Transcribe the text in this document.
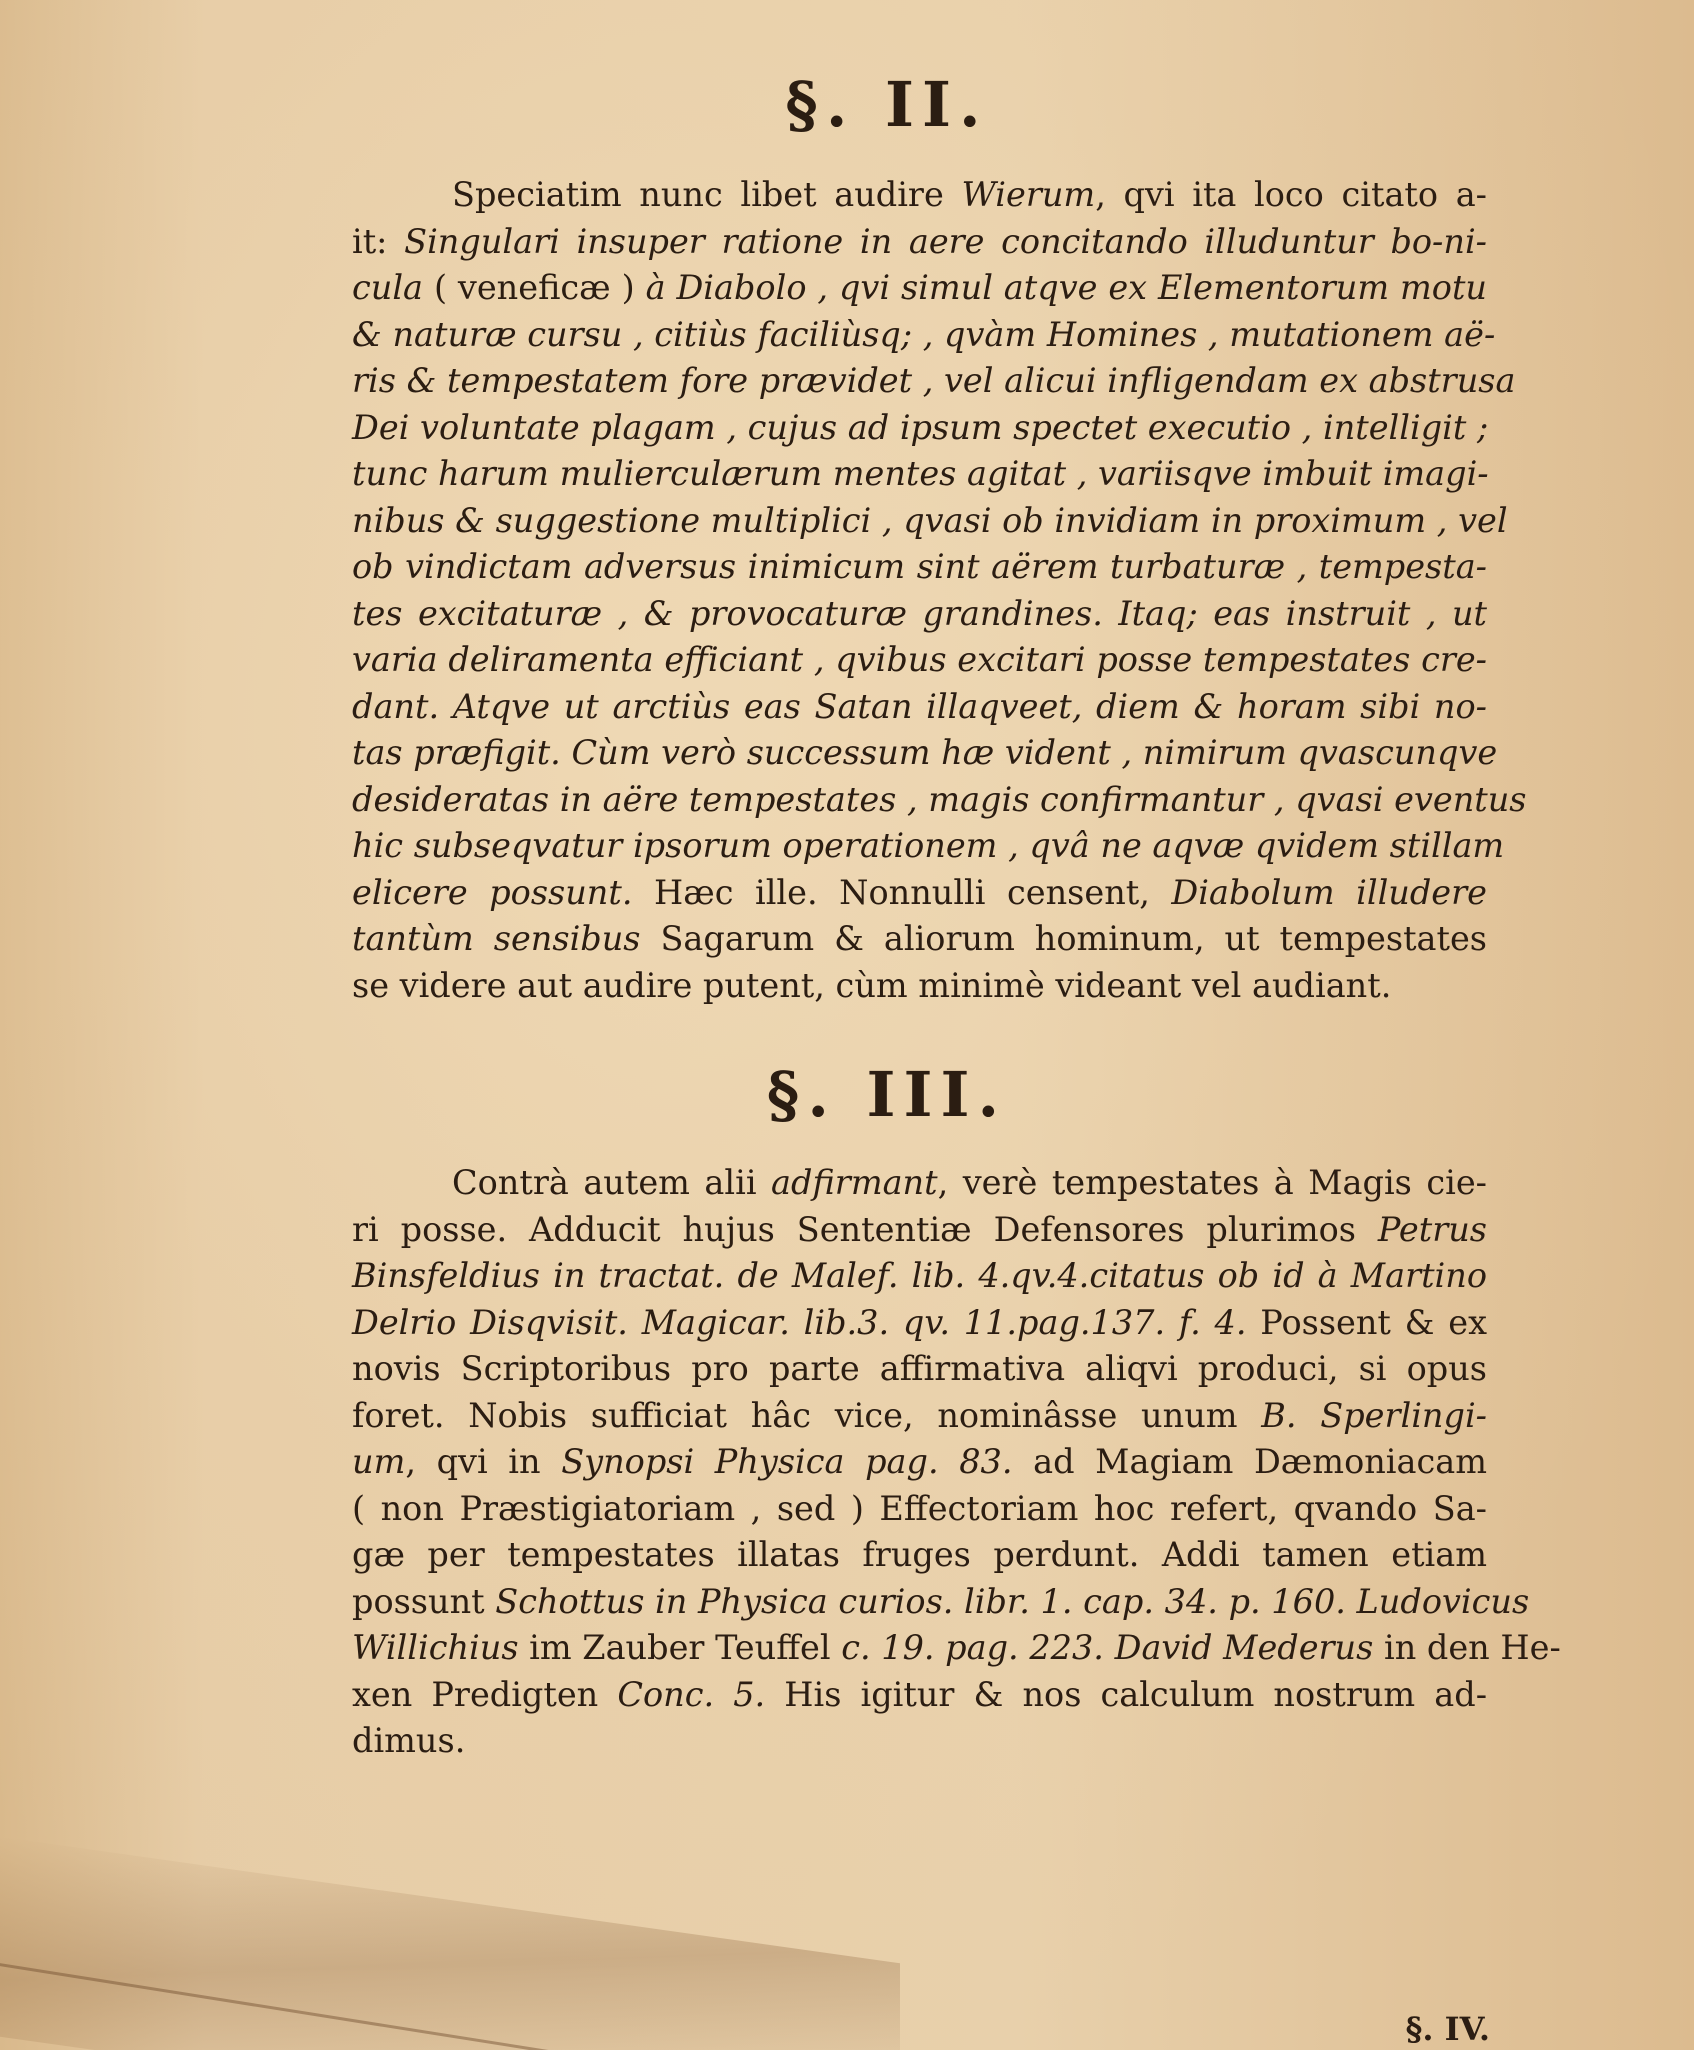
§. II.
Speciatim nunc libet audire Wierum, qvi ita loco citato a-
it: Singulari insuper ratione in aere concitando illuduntur bo-ni-
cula ( veneficæ ) à Diabolo , qvi simul atqve ex Elementorum motu
& naturæ cursu , citiùs faciliùsq; , qvàm Homines , mutationem aë-
ris & tempestatem fore prævidet , vel alicui infligendam ex abstrusa
Dei voluntate plagam , cujus ad ipsum spectet executio , intelligit ;
tunc harum mulierculærum mentes agitat , variisqve imbuit imagi-
nibus & suggestione multiplici , qvasi ob invidiam in proximum , vel
ob vindictam adversus inimicum sint aërem turbaturæ , tempesta-
tes excitaturæ , & provocaturæ grandines. Itaq; eas instruit , ut
varia deliramenta efficiant , qvibus excitari posse tempestates cre-
dant. Atqve ut arctiùs eas Satan illaqveet, diem & horam sibi no-
tas præfigit. Cùm verò successum hæ vident , nimirum qvascunqve
desideratas in aëre tempestates , magis confirmantur , qvasi eventus
hic subseqvatur ipsorum operationem , qvâ ne aqvæ qvidem stillam
elicere possunt. Hæc ille. Nonnulli censent, Diabolum illudere
tantùm sensibus Sagarum & aliorum hominum, ut tempestates
se videre aut audire putent, cùm minimè videant vel audiant.
§. III.
Contrà autem alii adfirmant, verè tempestates à Magis cie-
ri posse. Adducit hujus Sententiæ Defensores plurimos Petrus
Binsfeldius in tractat. de Malef. lib. 4.qv.4.citatus ob id à Martino
Delrio Disqvisit. Magicar. lib.3. qv. 11.pag.137. f. 4. Possent & ex
novis Scriptoribus pro parte affirmativa aliqvi produci, si opus
foret. Nobis sufficiat hâc vice, nominâsse unum B. Sperlingi-
um, qvi in Synopsi Physica pag. 83. ad Magiam Dæmoniacam
( non Præstigiatoriam , sed ) Effectoriam hoc refert, qvando Sa-
gæ per tempestates illatas fruges perdunt. Addi tamen etiam
possunt Schottus in Physica curios. libr. 1. cap. 34. p. 160. Ludovicus
Willichius im Zauber Teuffel c. 19. pag. 223. David Mederus in den He-
xen Predigten Conc. 5. His igitur & nos calculum nostrum ad-
dimus.
§. IV.
